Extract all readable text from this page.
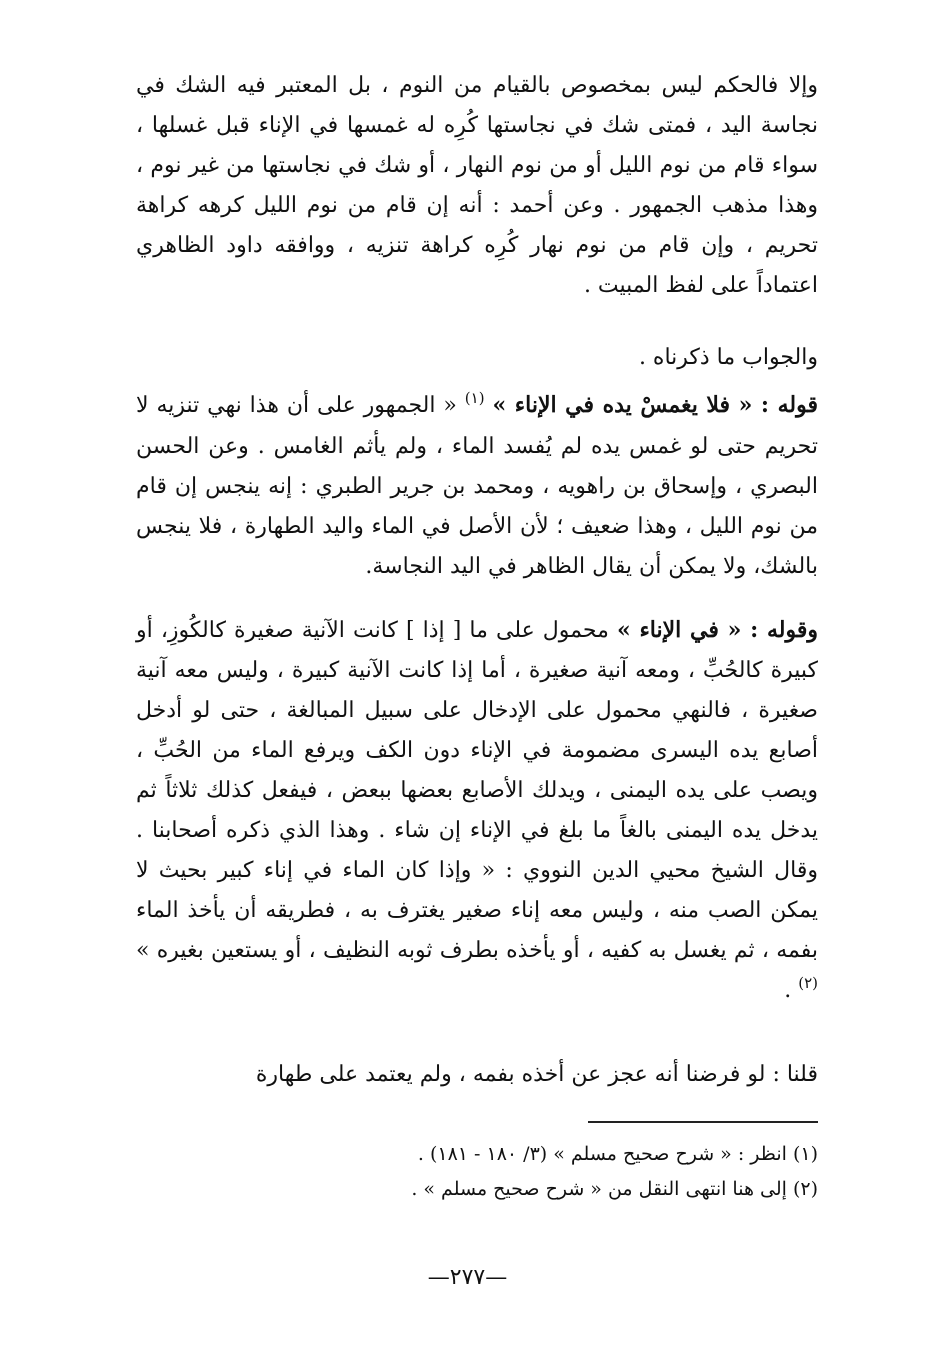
وإلا فالحكم ليس بمخصوص بالقيام من النوم ، بل المعتبر فيه الشك في نجاسة اليد ، فمتى شك في نجاستها كُرِه له غمسها في الإناء قبل غسلها ، سواء قام من نوم الليل أو من نوم النهار ، أو شك في نجاستها من غير نوم ، وهذا مذهب الجمهور . وعن أحمد : أنه إن قام من نوم الليل كرهه كراهة تحريم ، وإن قام من نوم نهار كُرِه كراهة تنزيه ، ووافقه داود الظاهري اعتماداً على لفظ المبيت .

والجواب ما ذكرناه .

قوله : « فلا يغمسْ يده في الإناء » $^{(١)}$ « الجمهور على أن هذا نهي تنزيه لا تحريم حتى لو غمس يده لم يُفسد الماء ، ولم يأثم الغامس . وعن الحسن البصري ، وإسحاق بن راهويه ، ومحمد بن جرير الطبري : إنه ينجس إن قام من نوم الليل ، وهذا ضعيف ؛ لأن الأصل في الماء واليد الطهارة ، فلا ينجس بالشك، ولا يمكن أن يقال الظاهر في اليد النجاسة.

وقوله : « في الإناء » محمول على ما [ إذا ] كانت الآنية صغيرة كالكُوزِ، أو كبيرة كالحُبِّ ، ومعه آنية صغيرة ، أما إذا كانت الآنية كبيرة ، وليس معه آنية صغيرة ، فالنهي محمول على الإدخال على سبيل المبالغة ، حتى لو أدخل أصابع يده اليسرى مضمومة في الإناء دون الكف ويرفع الماء من الحُبِّ ، ويصب على يده اليمنى ، ويدلك الأصابع بعضها ببعض ، فيفعل كذلك ثلاثاً ثم يدخل يده اليمنى بالغاً ما بلغ في الإناء إن شاء . وهذا الذي ذكره أصحابنا . وقال الشيخ محيي الدين النووي : « وإذا كان الماء في إناء كبير بحيث لا يمكن الصب منه ، وليس معه إناء صغير يغترف به ، فطريقه أن يأخذ الماء بفمه ، ثم يغسل به كفيه ، أو يأخذه بطرف ثوبه النظيف ، أو يستعين بغيره » $^{(٢)}$ .

قلنا : لو فرضنا أنه عجز عن أخذه بفمه ، ولم يعتمد على طهارة

(١) انظر : « شرح صحيح مسلم » (٣/ ١٨٠ - ١٨١) .

(٢) إلى هنا انتهى النقل من « شرح صحيح مسلم » .

—٢٧٧—
